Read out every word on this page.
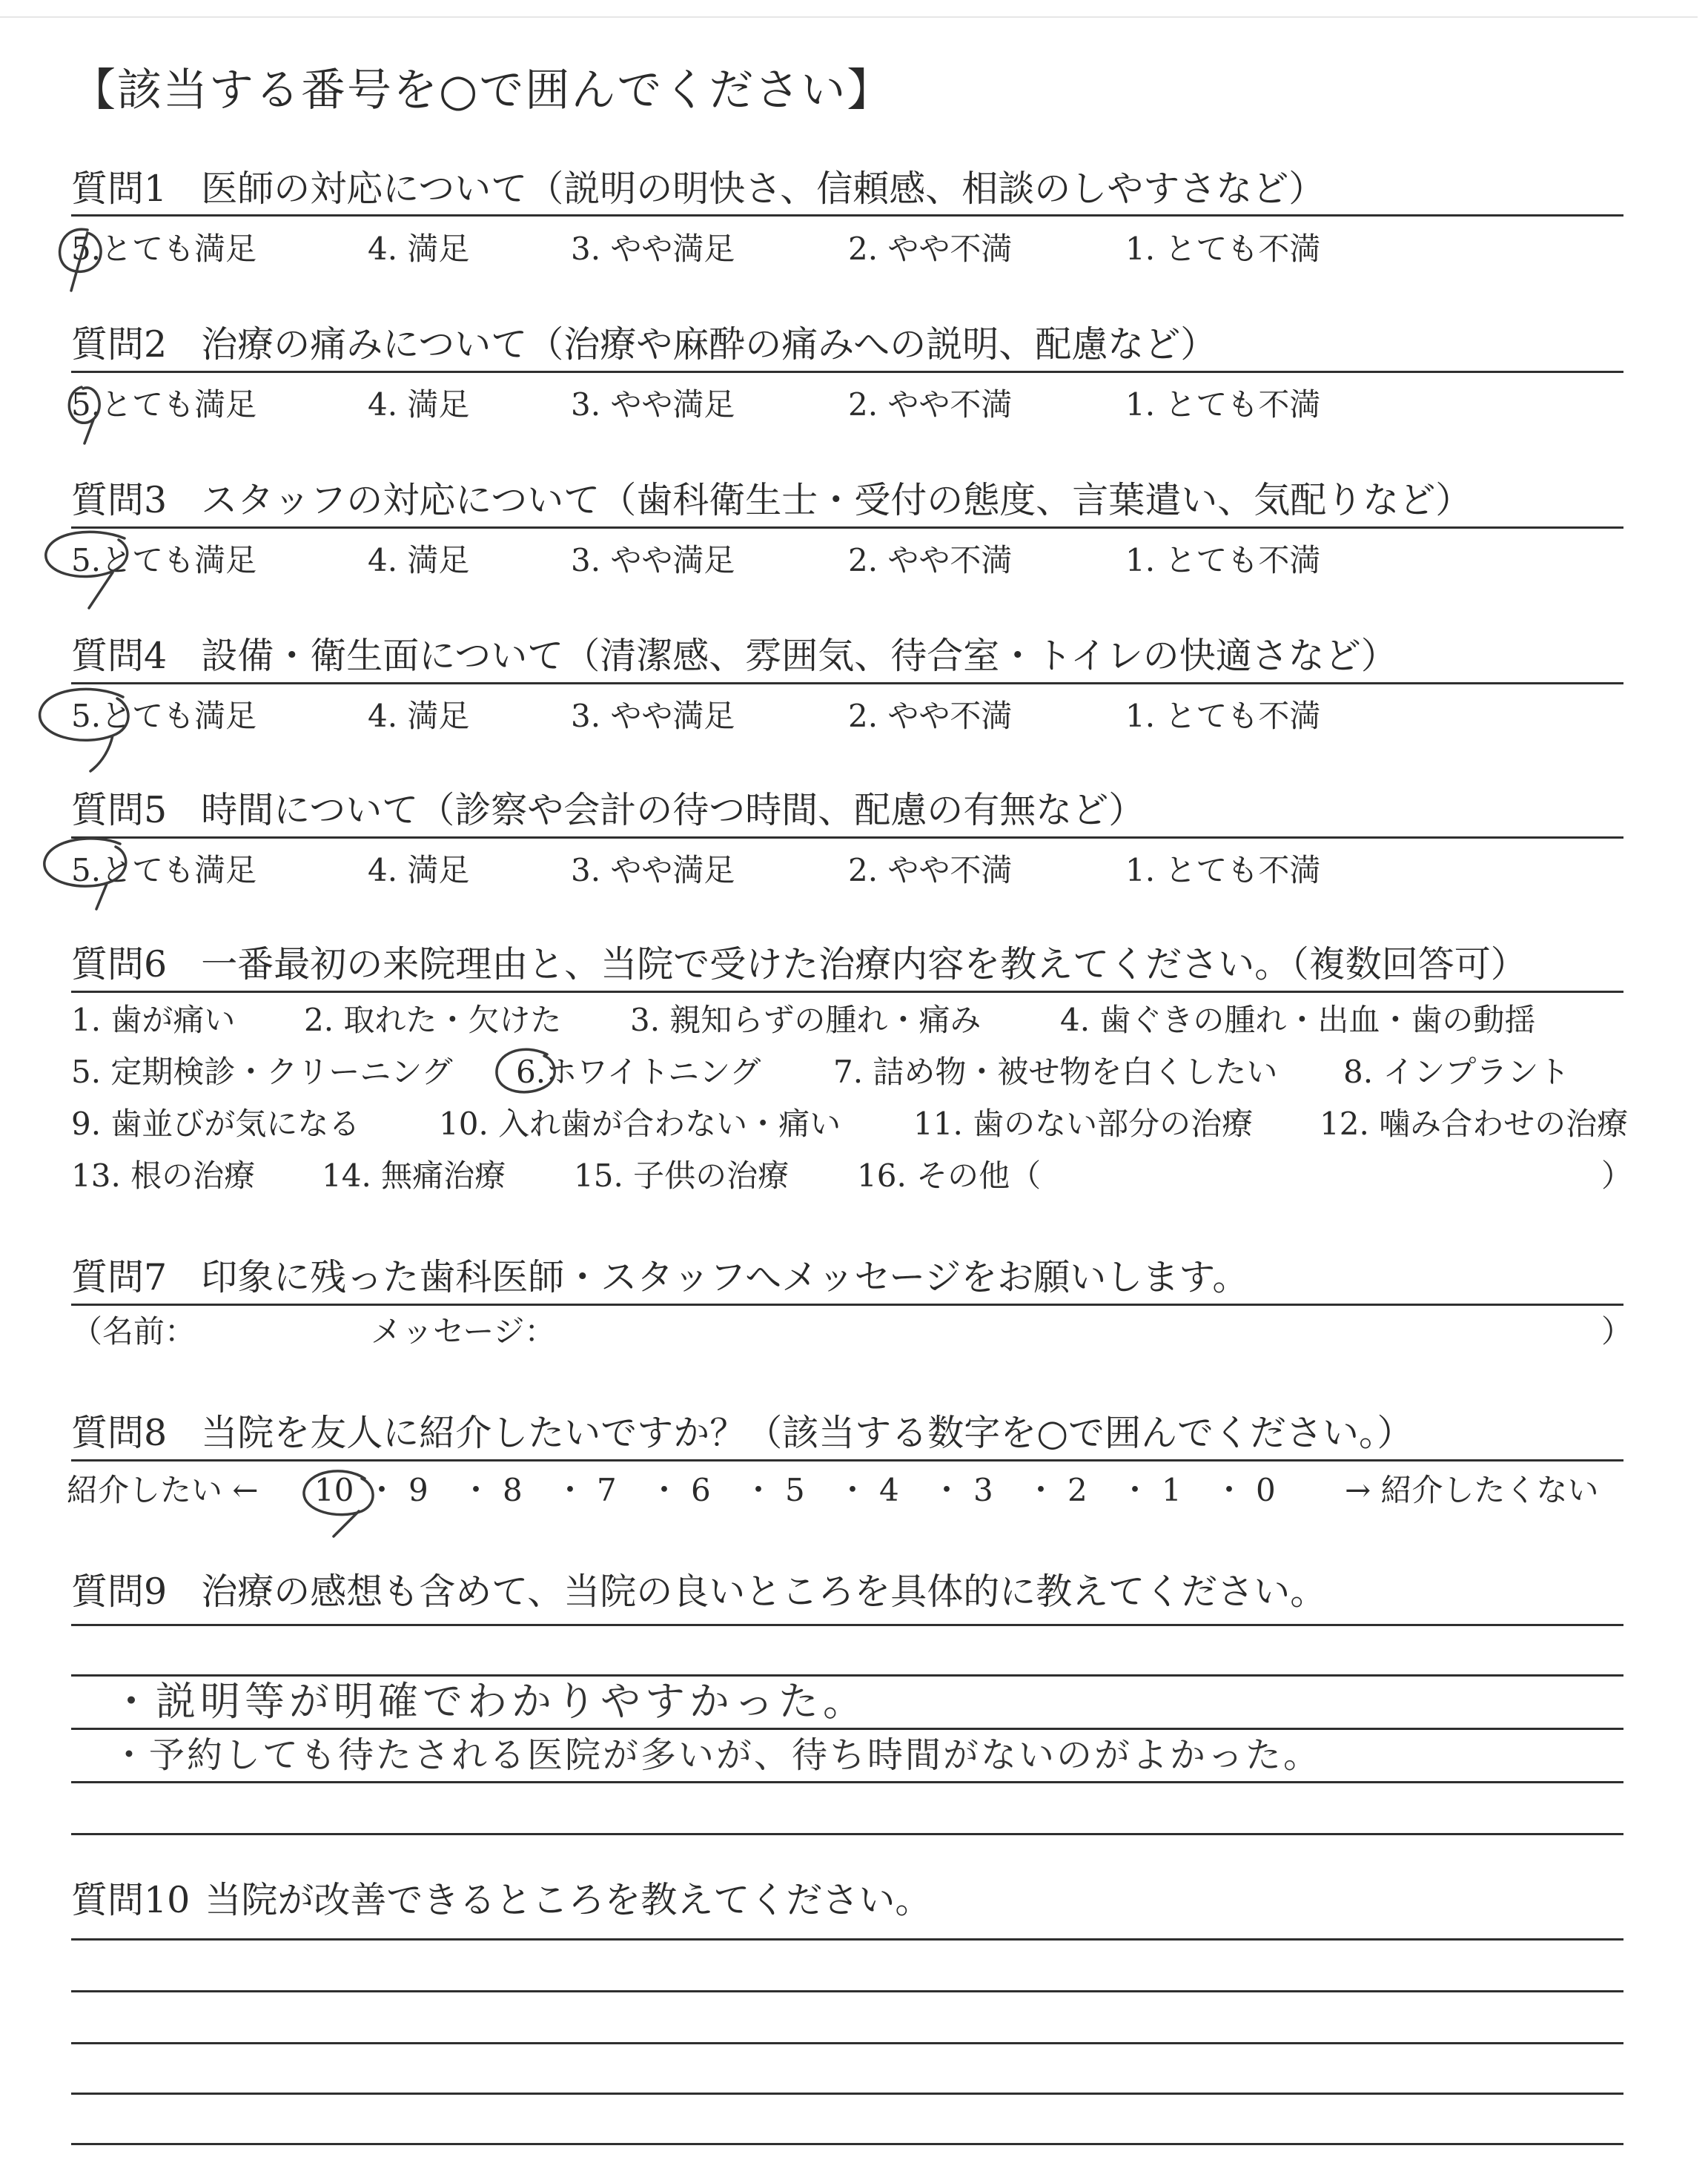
【該当する番号を○で囲んでください】
質問1 医師の対応について（説明の明快さ、信頼感、相談のしやすさなど）
5.とても満足	4. 満足	3. やや満足	2. やや不満	1. とても不満
質問2 治療の痛みについて（治療や麻酔の痛みへの説明、配慮など）
5.とても満足	4. 満足	3. やや満足	2. やや不満	1. とても不満
質問3 スタッフの対応について（歯科衛生士・受付の態度、言葉遣い、気配りなど）
5.とても満足	4. 満足	3. やや満足	2. やや不満	1. とても不満
質問4 設備・衛生面について（清潔感、雰囲気、待合室・トイレの快適さなど）
5.とても満足	4. 満足	3. やや満足	2. やや不満	1. とても不満
質問5 時間について（診察や会計の待つ時間、配慮の有無など）
5.とても満足	4. 満足	3. やや満足	2. やや不満	1. とても不満
質問6 一番最初の来院理由と、当院で受けた治療内容を教えてください。（複数回答可）
1. 歯が痛い 2. 取れた・欠けた 3. 親知らずの腫れ・痛み	4. 歯ぐきの腫れ・出血・歯の動揺
5. 定期検診・クリーニング 6.ホワイトニング 7. 詰め物・被せ物を白くしたい 8. インプラント
9. 歯並びが気になる	10. 入れ歯が合わない・痛い 11. 歯のない部分の治療 12. 噛み合わせの治療
13. 根の治療 14. 無痛治療 15. 子供の治療 16. その他（	）
質問7 印象に残った歯科医師・スタッフへメッセージをお願いします。
（名前：	メッセージ：	）
質問8 当院を友人に紹介したいですか？（該当する数字を○で囲んでください。）
紹介したい ← 10 ・ 9 ・ 8 ・ 7 ・ 6 ・ 5 ・ 4 ・ 3 ・ 2 ・ 1 ・ 0 → 紹介したくない
質問9 治療の感想も含めて、当院の良いところを具体的に教えてください。
・説明等が明確でわかりやすかった。
・予約しても待たされる医院が多いが、待ち時間がないのがよかった。
質問10 当院が改善できるところを教えてください。
